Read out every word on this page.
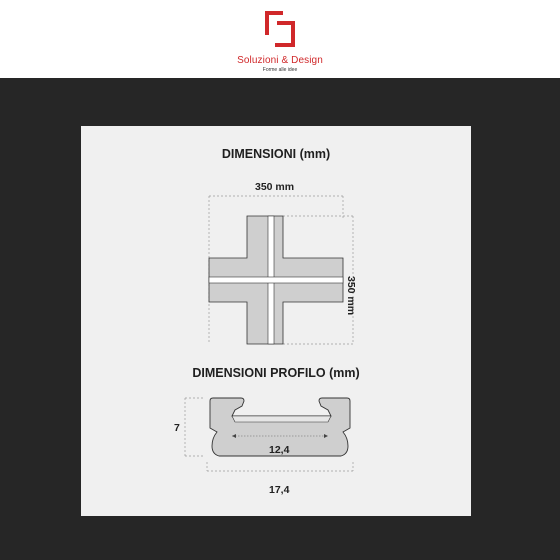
Soluzioni & Design
Forme alle idee
DIMENSIONI (mm)
350 mm
350 mm
DIMENSIONI PROFILO (mm)
7
12,4
17,4
